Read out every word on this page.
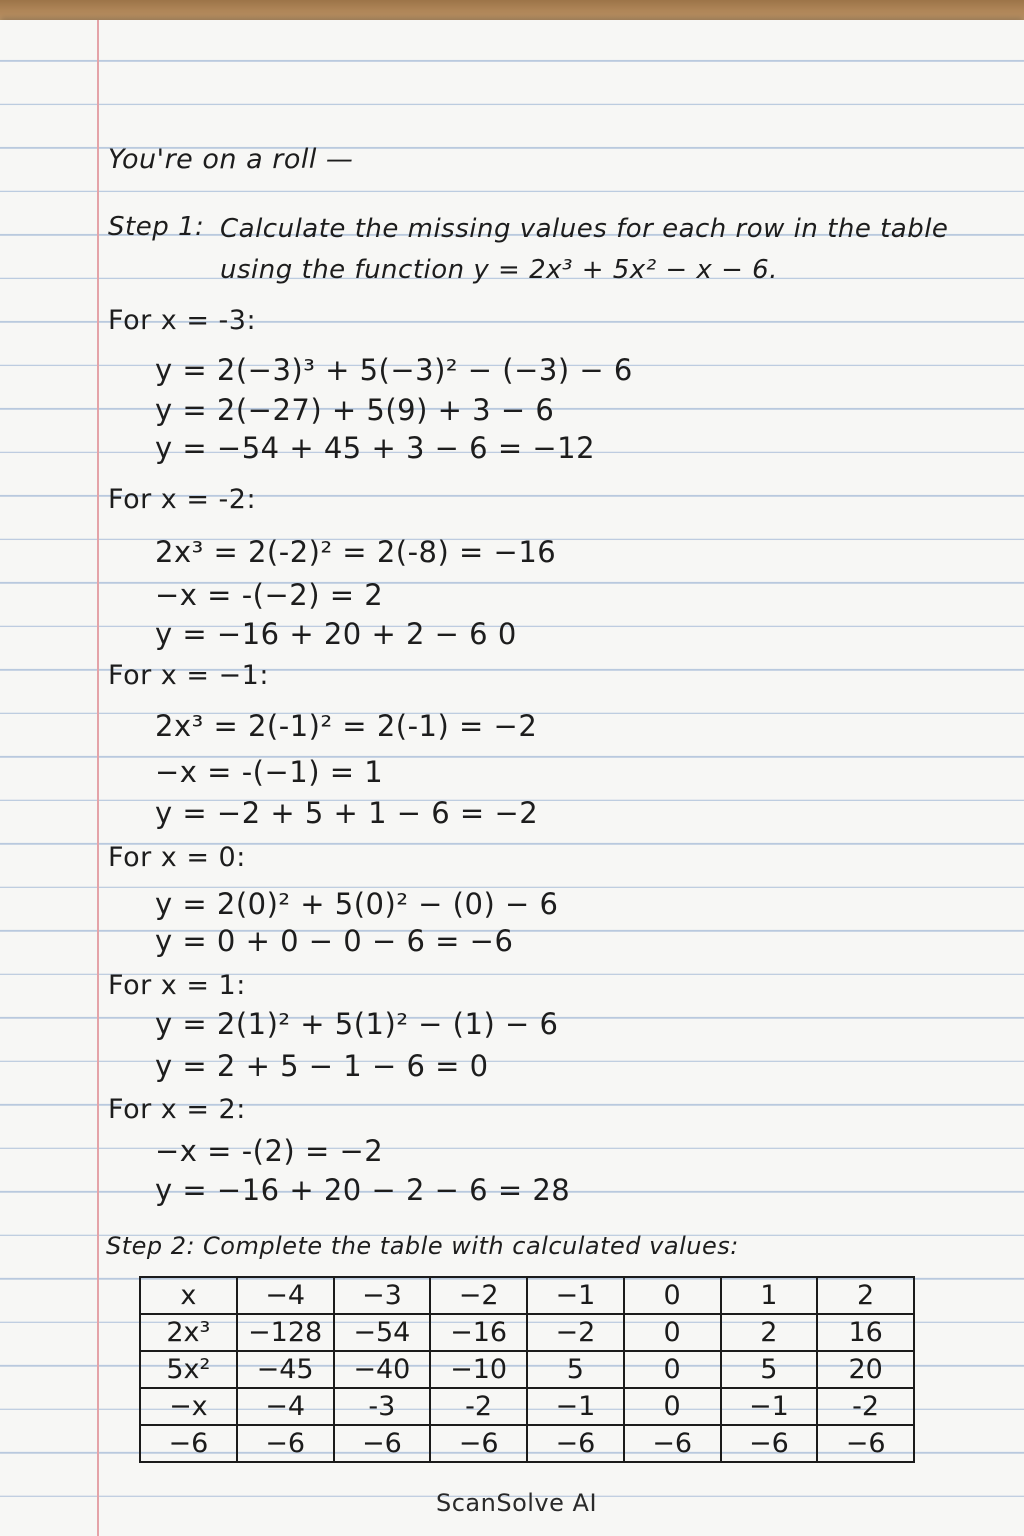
You're on a roll —
Step 1: Calculate the missing values for each row in the table
using the function y = 2x³ + 5x² − x − 6.
For x = -3:
y = 2(−3)³ + 5(−3)² − (−3) − 6
y = 2(−27) + 5(9) + 3 − 6
y = −54 + 45 + 3 − 6 = −12
For x = -2:
2x³ = 2(-2)² = 2(-8) = −16
−x = -(−2) = 2
y = −16 + 20 + 2 − 6 0
For x = −1:
2x³ = 2(-1)² = 2(-1) = −2
−x = -(−1) = 1
y = −2 + 5 + 1 − 6 = −2
For x = 0:
y = 2(0)² + 5(0)² − (0) − 6
y = 0 + 0 − 0 − 6 = −6
For x = 1:
y = 2(1)² + 5(1)² − (1) − 6
y = 2 + 5 − 1 − 6 = 0
For x = 2:
−x = -(2) = −2
y = −16 + 20 − 2 − 6 = 28
Step 2: Complete the table with calculated values:
x	−4	−3	−2	−1	0	1	2
2x³	−128	−54	−16	−2	0	2	16
5x²	−45	−40	−10	5	0	5	20
−x	−4	-3	-2	−1	0	−1	-2
−6	−6	−6	−6	−6	−6	−6	−6
ScanSolve AI
